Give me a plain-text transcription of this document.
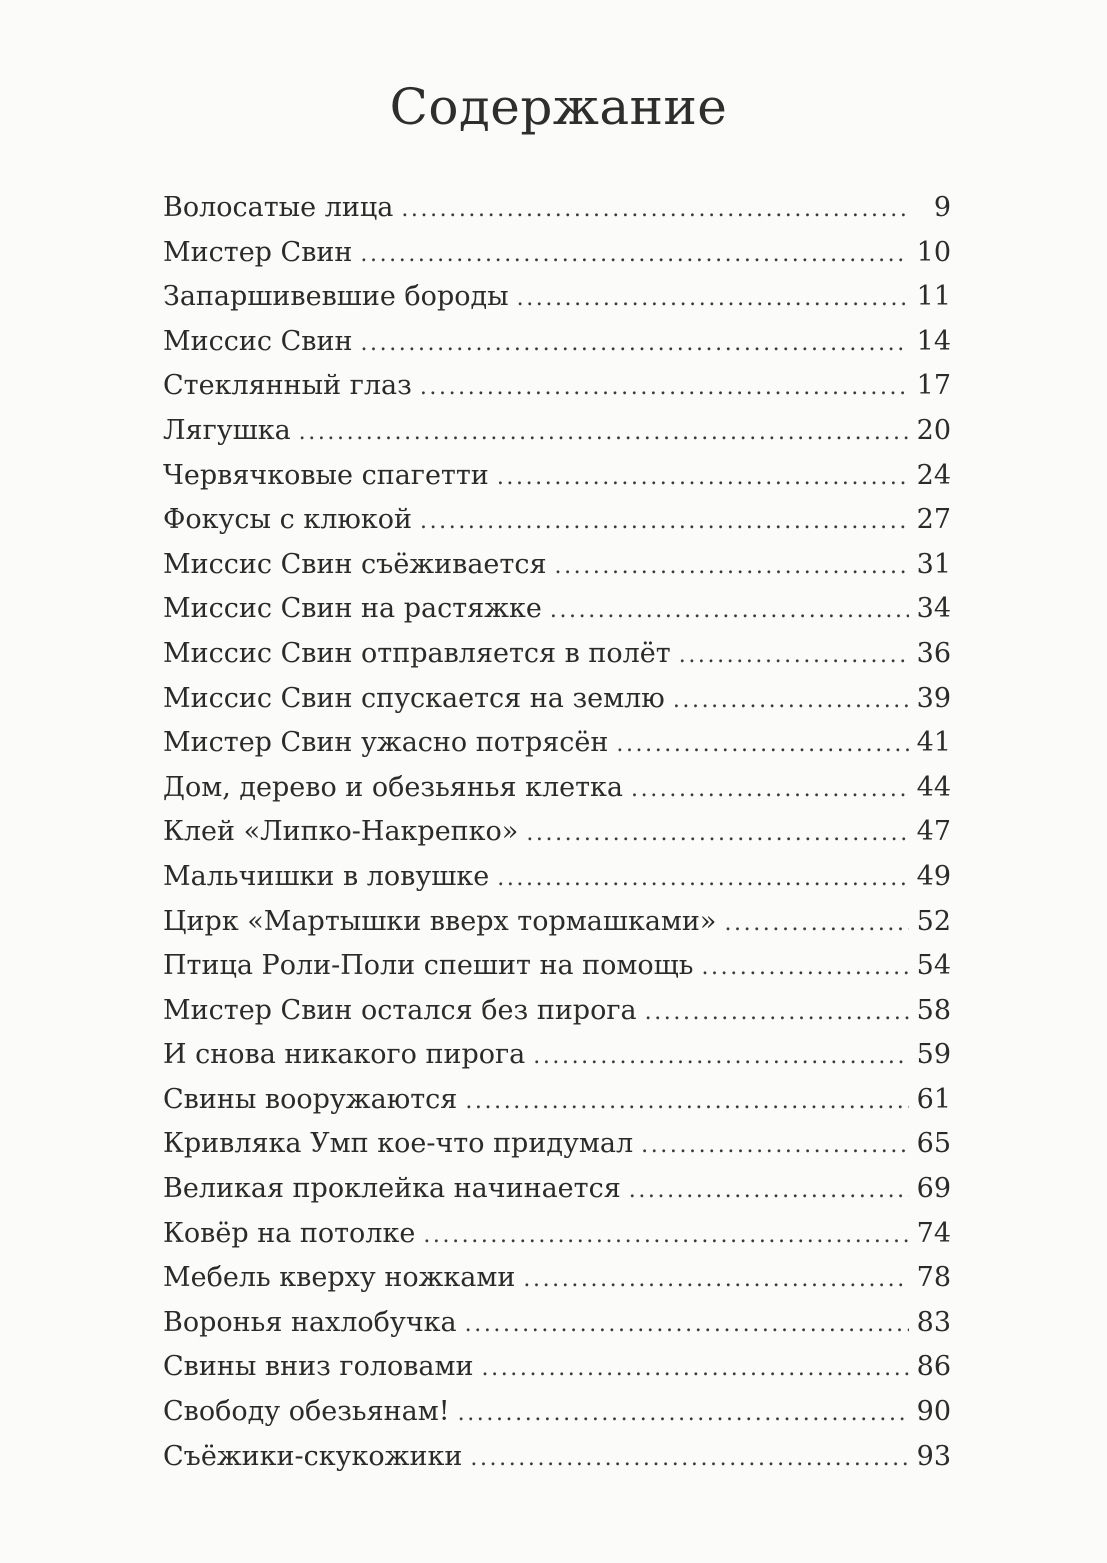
Содержание
Волосатые лица . . .	9
Мистер Свин . . .	10
Запаршивевшие бороды . . .	11
Миссис Свин . . .	14
Стеклянный глаз . . .	17
Лягушка . . .	20
Червячковые спагетти . . .	24
Фокусы с клюкой . . .	27
Миссис Свин съёживается . . .	31
Миссис Свин на растяжке . . .	34
Миссис Свин отправляется в полёт . . .	36
Миссис Свин спускается на землю . . .	39
Мистер Свин ужасно потрясён . . .	41
Дом, дерево и обезьянья клетка . . .	44
Клей «Липко-Накрепко» . . .	47
Мальчишки в ловушке . . .	49
Цирк «Мартышки вверх тормашками» . . .	52
Птица Роли-Поли спешит на помощь . . .	54
Мистер Свин остался без пирога . . .	58
И снова никакого пирога . . .	59
Свины вооружаются . . .	61
Кривляка Умп кое-что придумал . . .	65
Великая проклейка начинается . . .	69
Ковёр на потолке . . .	74
Мебель кверху ножками . . .	78
Воронья нахлобучка . . .	83
Свины вниз головами . . .	86
Свободу обезьянам! . . .	90
Съёжики-скукожики . . .	93
